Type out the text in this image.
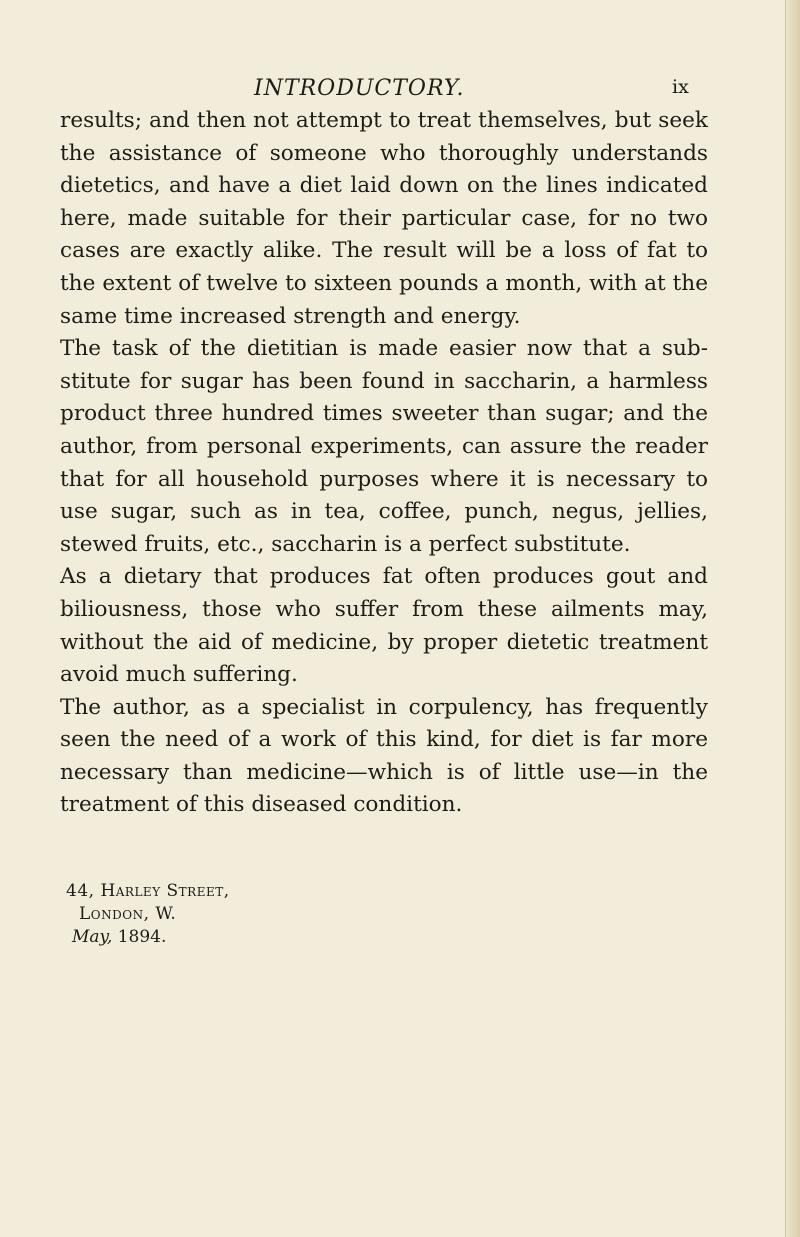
INTRODUCTORY.	ix

results; and then not attempt to treat themselves, but seek the assistance of someone who thoroughly understands dietetics, and have a diet laid down on the lines indicated here, made suitable for their particular case, for no two cases are exactly alike. The result will be a loss of fat to the extent of twelve to sixteen pounds a month, with at the same time increased strength and energy.

The task of the dietitian is made easier now that a substitute for sugar has been found in saccharin, a harmless product three hundred times sweeter than sugar; and the author, from personal experiments, can assure the reader that for all household purposes where it is necessary to use sugar, such as in tea, coffee, punch, negus, jellies, stewed fruits, etc., saccharin is a perfect substitute.

As a dietary that produces fat often produces gout and biliousness, those who suffer from these ailments may, without the aid of medicine, by proper dietetic treatment avoid much suffering.

The author, as a specialist in corpulency, has frequently seen the need of a work of this kind, for diet is far more necessary than medicine—which is of little use—in the treatment of this diseased condition.

44, Harley Street,
London, W.
May, 1894.
